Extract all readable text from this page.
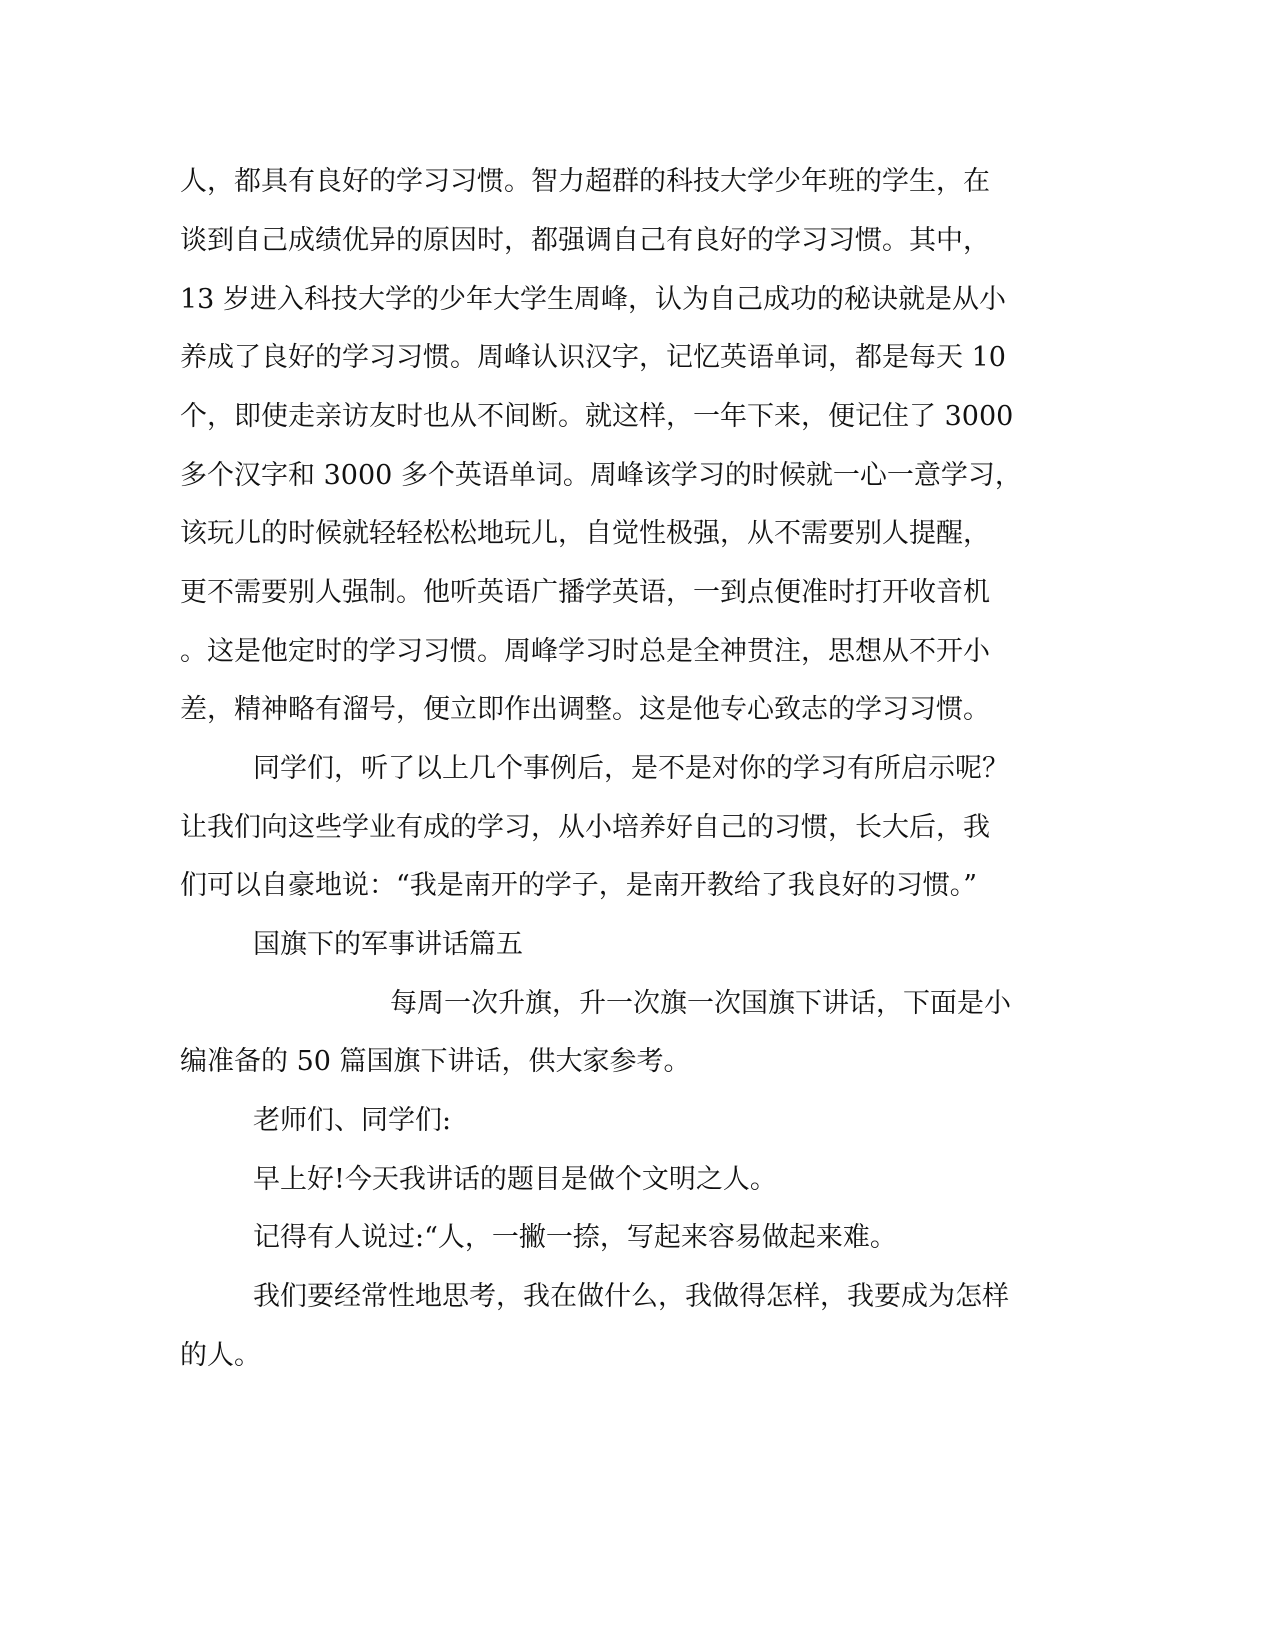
人，都具有良好的学习习惯。智力超群的科技大学少年班的学生，在
谈到自己成绩优异的原因时，都强调自己有良好的学习习惯。其中，
13 岁进入科技大学的少年大学生周峰，认为自己成功的秘诀就是从小
养成了良好的学习习惯。周峰认识汉字，记忆英语单词，都是每天 10
个，即使走亲访友时也从不间断。就这样，一年下来，便记住了 3000
多个汉字和 3000 多个英语单词。周峰该学习的时候就一心一意学习，
该玩儿的时候就轻轻松松地玩儿，自觉性极强，从不需要别人提醒，
更不需要别人强制。他听英语广播学英语，一到点便准时打开收音机
。这是他定时的学习习惯。周峰学习时总是全神贯注，思想从不开小
差，精神略有溜号，便立即作出调整。这是他专心致志的学习习惯。
同学们，听了以上几个事例后，是不是对你的学习有所启示呢？
让我们向这些学业有成的学习，从小培养好自己的习惯，长大后，我
们可以自豪地说：“我是南开的学子，是南开教给了我良好的习惯。”
国旗下的军事讲话篇五
每周一次升旗，升一次旗一次国旗下讲话，下面是小
编准备的 50 篇国旗下讲话，供大家参考。
老师们、同学们:
早上好!今天我讲话的题目是做个文明之人。
记得有人说过:“人，一撇一捺，写起来容易做起来难。
我们要经常性地思考，我在做什么，我做得怎样，我要成为怎样
的人。
